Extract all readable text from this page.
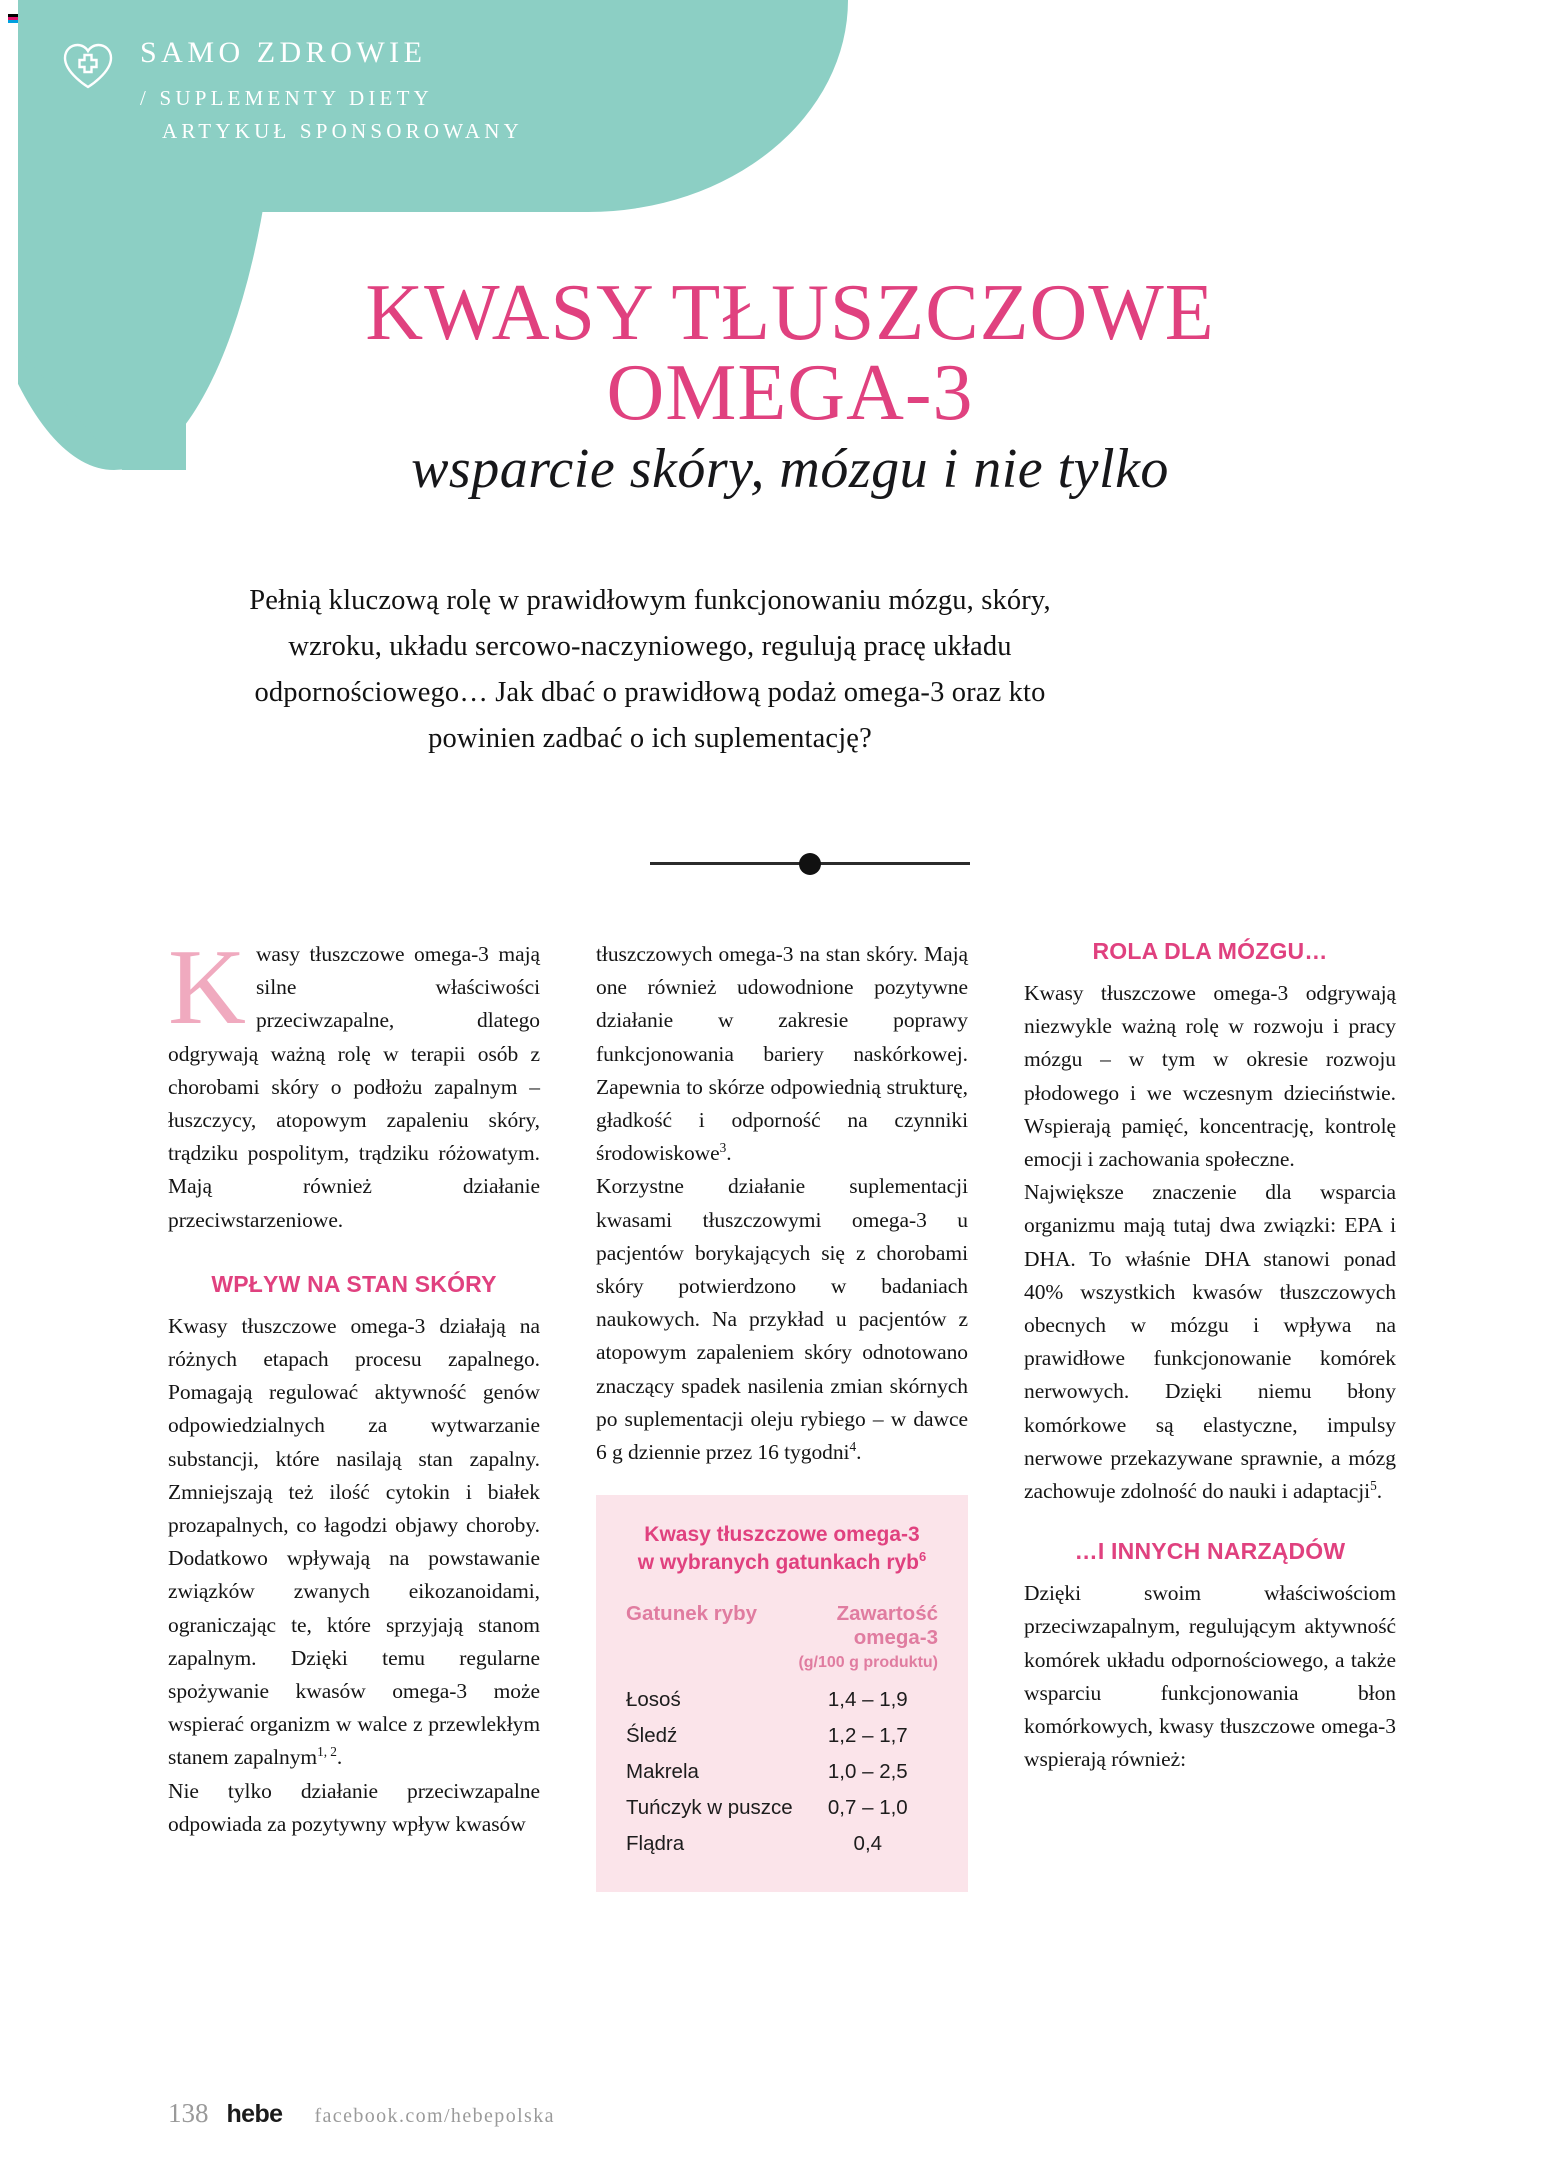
SAMO ZDROWIE
/ SUPLEMENTY DIETY
ARTYKUŁ SPONSOROWANY
KWASY TŁUSZCZOWE
OMEGA-3
wsparcie skóry, mózgu i nie tylko
Pełnią kluczową rolę w prawidłowym funkcjonowaniu mózgu, skóry, wzroku, układu sercowo-naczyniowego, regulują pracę układu odpornościowego… Jak dbać o prawidłową podaż omega-3 oraz kto powinien zadbać o ich suplementację?

Kwasy tłuszczowe omega-3 mają silne właściwości przeciwzapalne, dlatego odgrywają ważną rolę w terapii osób z chorobami skóry o podłożu zapalnym – łuszczycy, atopowym zapaleniu skóry, trądziku pospolitym, trądziku różowatym. Mają również działanie przeciwstarzeniowe.

WPŁYW NA STAN SKÓRY

Kwasy tłuszczowe omega-3 działają na różnych etapach procesu zapalnego. Pomagają regulować aktywność genów odpowiedzialnych za wytwarzanie substancji, które nasilają stan zapalny. Zmniejszają też ilość cytokin i białek prozapalnych, co łagodzi objawy choroby. Dodatkowo wpływają na powstawanie związków zwanych eikozanoidami, ograniczając te, które sprzyjają stanom zapalnym. Dzięki temu regularne spożywanie kwasów omega-3 może wspierać organizm w walce z przewlekłym stanem zapalnym$^{1, 2}$.

Nie tylko działanie przeciwzapalne odpowiada za pozytywny wpływ kwasów

tłuszczowych omega-3 na stan skóry. Mają one również udowodnione pozytywne działanie w zakresie poprawy funkcjonowania bariery naskórkowej. Zapewnia to skórze odpowiednią strukturę, gładkość i odporność na czynniki środowiskowe$^3$.

Korzystne działanie suplementacji kwasami tłuszczowymi omega-3 u pacjentów borykających się z chorobami skóry potwierdzono w badaniach naukowych. Na przykład u pacjentów z atopowym zapaleniem skóry odnotowano znaczący spadek nasilenia zmian skórnych po suplementacji oleju rybiego – w dawce 6 g dziennie przez 16 tygodni$^4$.

Kwasy tłuszczowe omega-3
w wybranych gatunkach ryb$^6$
Gatunek ryby	Zawartość omega-3
(g/100 g produktu)

Łosoś	1,4 – 1,9
Śledź	1,2 – 1,7
Makrela	1,0 – 2,5
Tuńczyk w puszce	0,7 – 1,0
Flądra	0,4
ROLA DLA MÓZGU…

Kwasy tłuszczowe omega-3 odgrywają niezwykle ważną rolę w rozwoju i pracy mózgu – w tym w okresie rozwoju płodowego i we wczesnym dzieciństwie. Wspierają pamięć, koncentrację, kontrolę emocji i zachowania społeczne.

Największe znaczenie dla wsparcia organizmu mają tutaj dwa związki: EPA i DHA. To właśnie DHA stanowi ponad 40% wszystkich kwasów tłuszczowych obecnych w mózgu i wpływa na prawidłowe funkcjonowanie komórek nerwowych. Dzięki niemu błony komórkowe są elastyczne, impulsy nerwowe przekazywane sprawnie, a mózg zachowuje zdolność do nauki i adaptacji$^5$.

…I INNYCH NARZĄDÓW

Dzięki swoim właściwościom przeciwzapalnym, regulującym aktywność komórek układu odpornościowego, a także wsparciu funkcjonowania błon komórkowych, kwasy tłuszczowe omega-3 wspierają również:

138 hebe facebook.com/hebepolska
